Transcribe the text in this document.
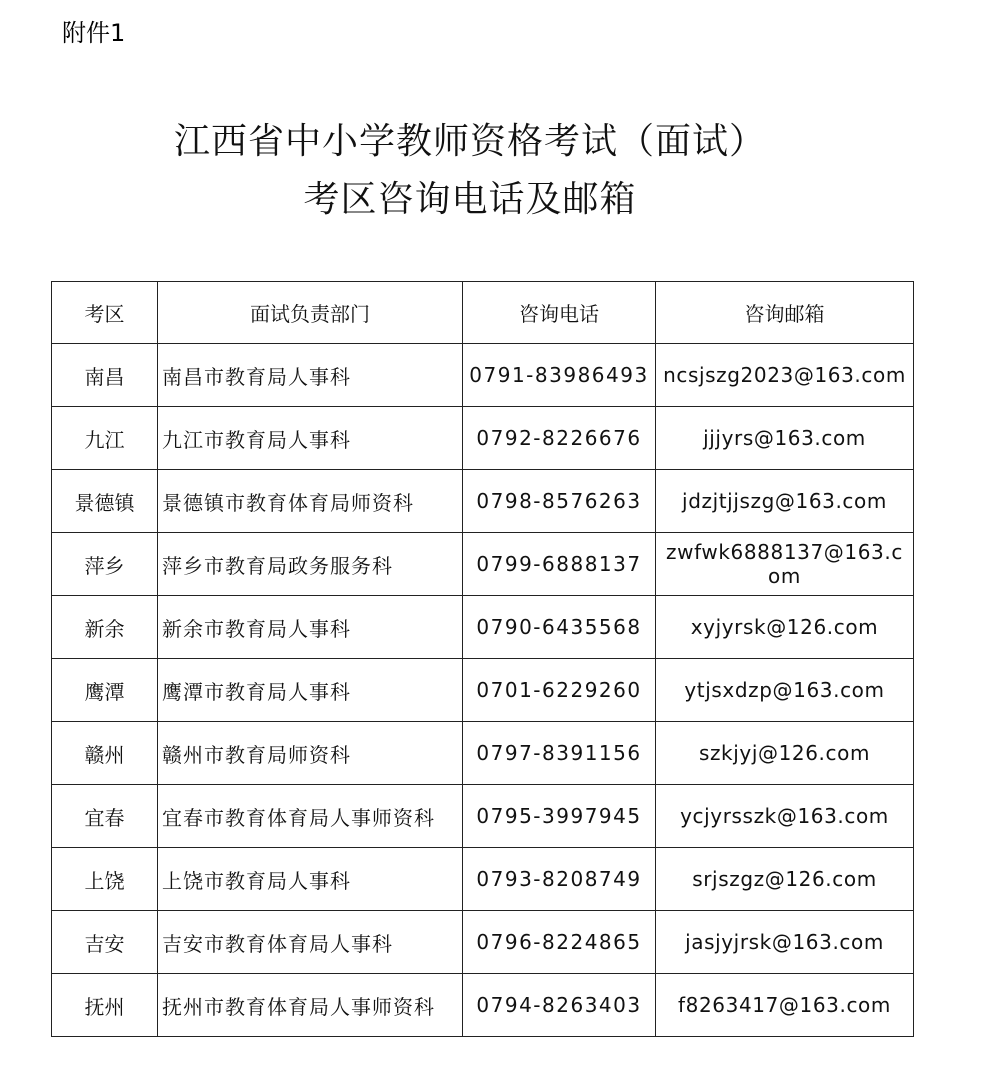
附件1
江西省中小学教师资格考试（面试）
考区咨询电话及邮箱
考区	面试负责部门	咨询电话	咨询邮箱
南昌	南昌市教育局人事科	0791-83986493	ncsjszg2023@163.com
九江	九江市教育局人事科	0792-8226676	jjjyrs@163.com
景德镇	景德镇市教育体育局师资科	0798-8576263	jdzjtjjszg@163.com
萍乡	萍乡市教育局政务服务科	0799-6888137	zwfwk6888137@163.com
新余	新余市教育局人事科	0790-6435568	xyjyrsk@126.com
鹰潭	鹰潭市教育局人事科	0701-6229260	ytjsxdzp@163.com
赣州	赣州市教育局师资科	0797-8391156	szkjyj@126.com
宜春	宜春市教育体育局人事师资科	0795-3997945	ycjyrsszk@163.com
上饶	上饶市教育局人事科	0793-8208749	srjszgz@126.com
吉安	吉安市教育体育局人事科	0796-8224865	jasjyjrsk@163.com
抚州	抚州市教育体育局人事师资科	0794-8263403	f8263417@163.com
